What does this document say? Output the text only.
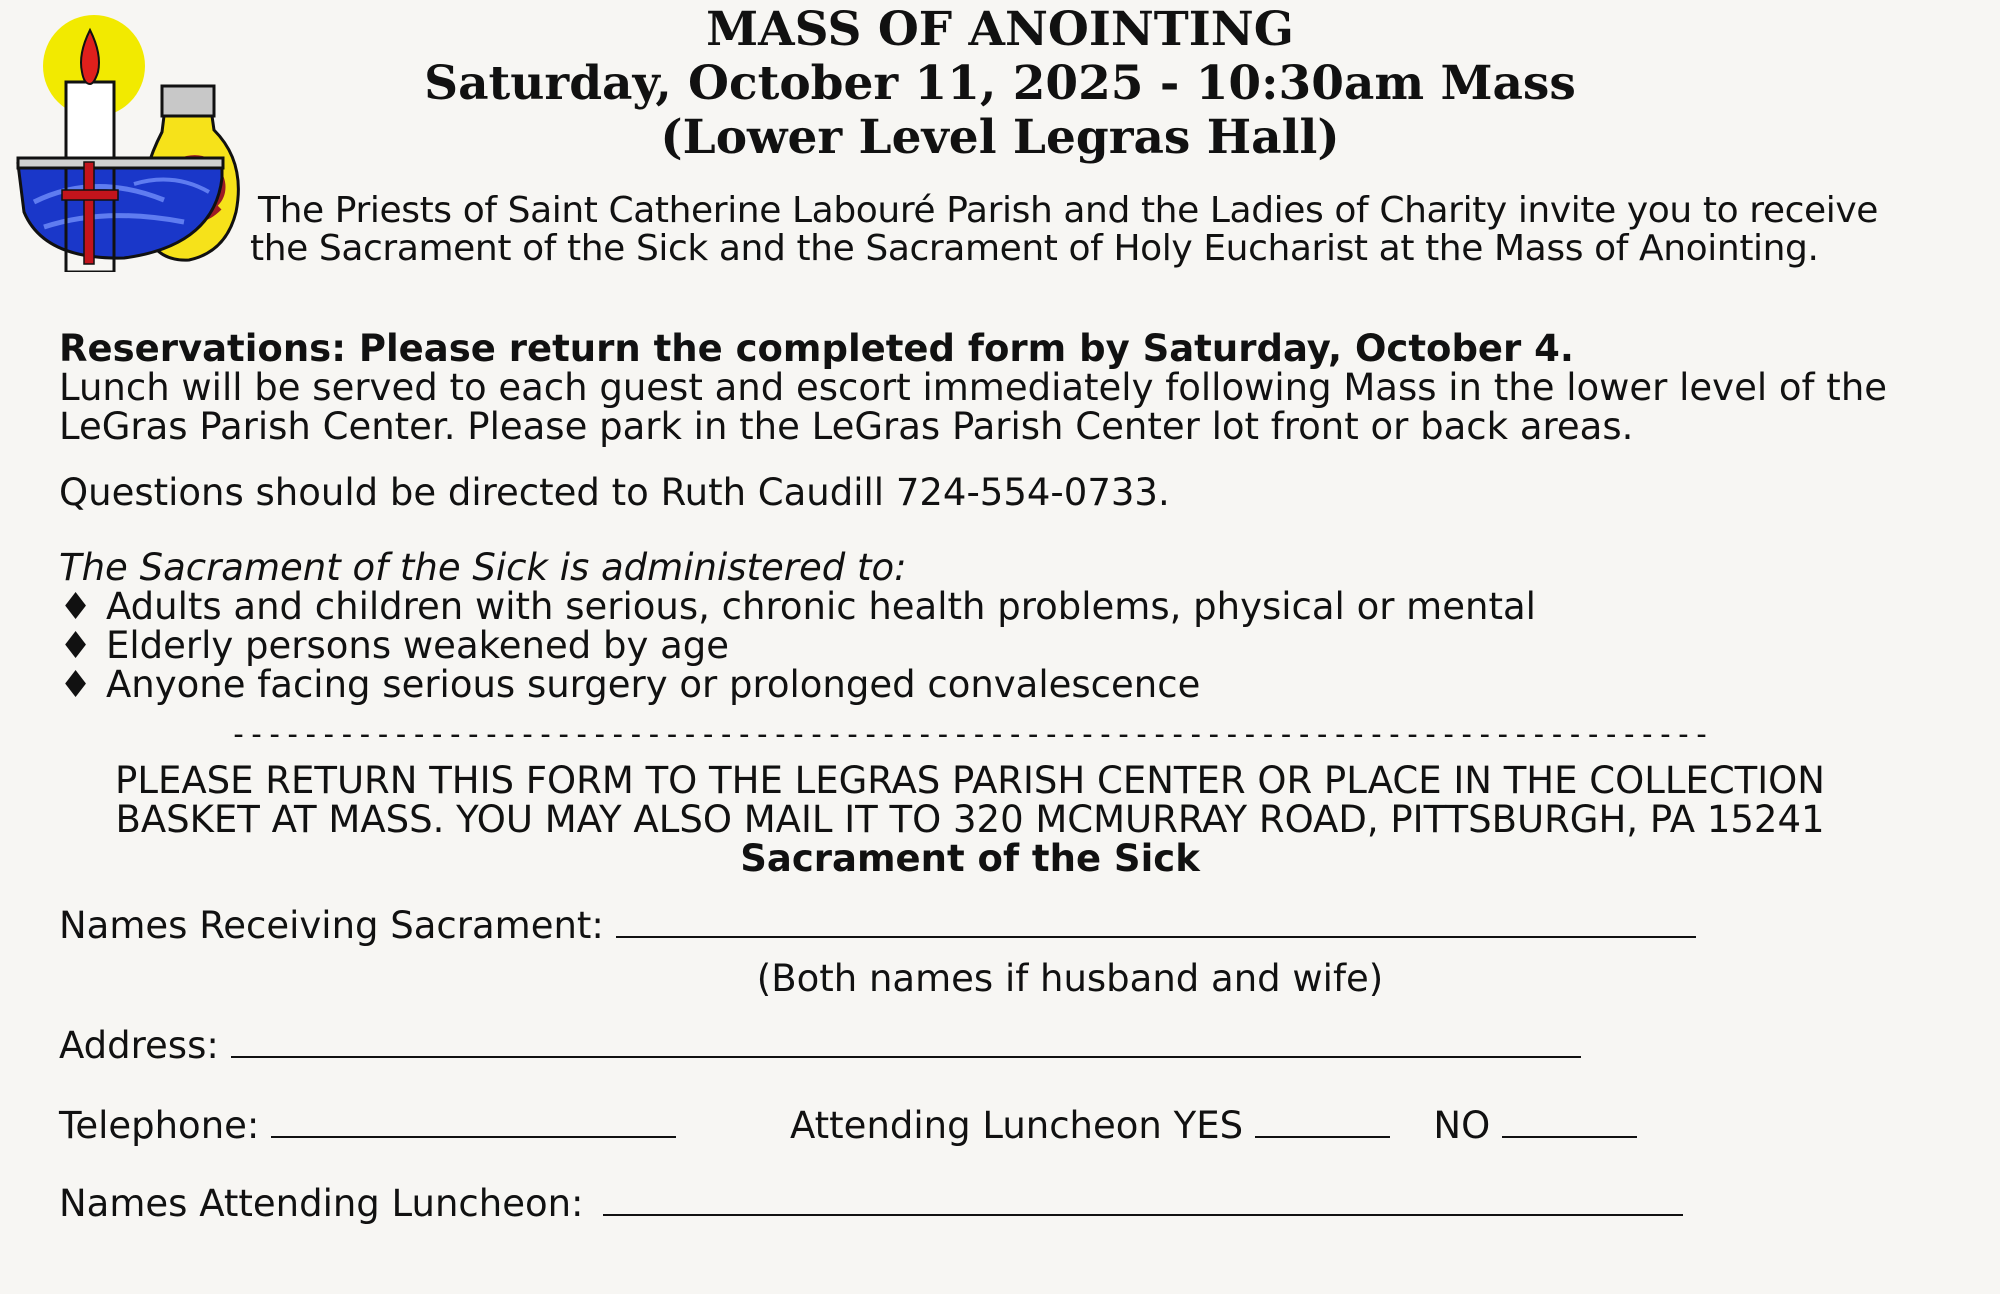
MASS OF ANOINTING
Saturday, October 11, 2025 - 10:30am Mass
(Lower Level Legras Hall)
The Priests of Saint Catherine Labouré Parish and the Ladies of Charity invite you to receive
the Sacrament of the Sick and the Sacrament of Holy Eucharist at the Mass of Anointing.
Reservations: Please return the completed form by Saturday, October 4.
Lunch will be served to each guest and escort immediately following Mass in the lower level of the
LeGras Parish Center. Please park in the LeGras Parish Center lot front or back areas.
Questions should be directed to Ruth Caudill 724-554-0733.
The Sacrament of the Sick is administered to:
♦ Adults and children with serious, chronic health problems, physical or mental
♦ Elderly persons weakened by age
♦ Anyone facing serious surgery or prolonged convalescence
----------------------------------------------------------------------------------
PLEASE RETURN THIS FORM TO THE LEGRAS PARISH CENTER OR PLACE IN THE COLLECTION
BASKET AT MASS. YOU MAY ALSO MAIL IT TO 320 MCMURRAY ROAD, PITTSBURGH, PA 15241
Sacrament of the Sick
Names Receiving Sacrament:
(Both names if husband and wife)
Address:
Telephone:	Attending Luncheon YES	NO
Names Attending Luncheon:
